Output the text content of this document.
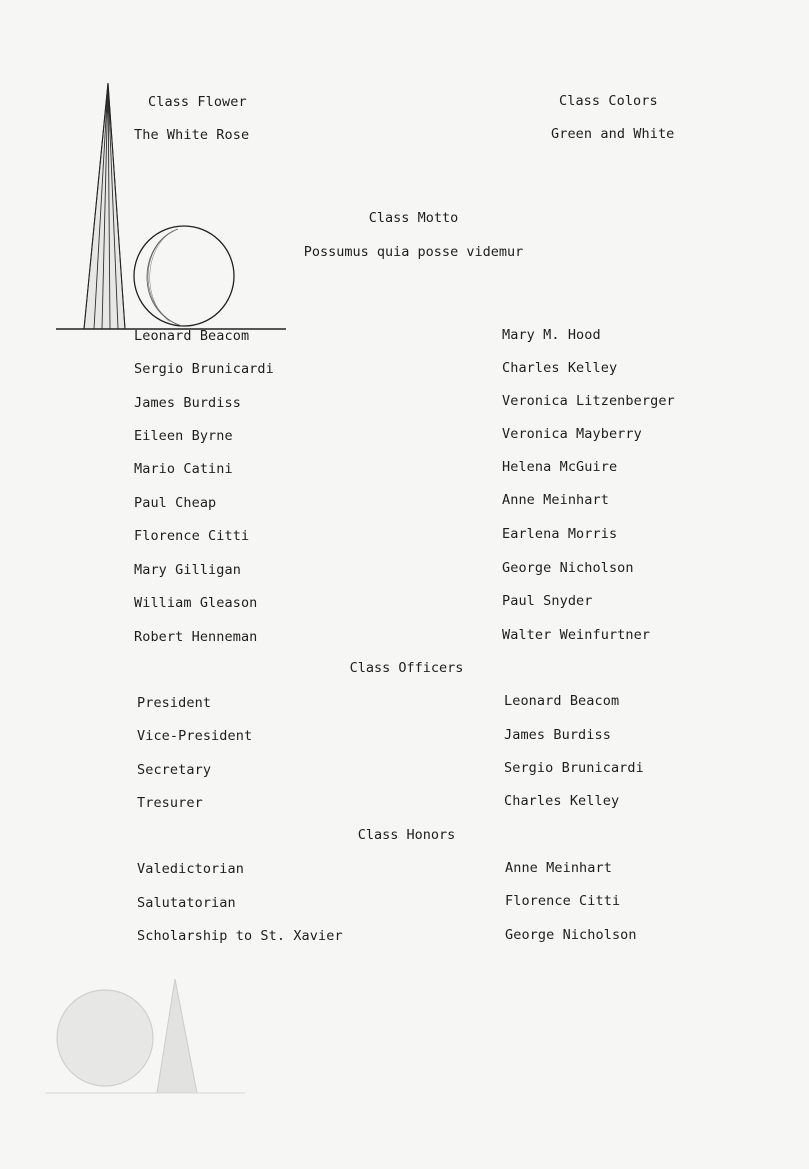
Class Flower
The White Rose
Class Colors
Green and White
Class Motto
Possumus quia posse videmur
Leonard Beacom
Sergio Brunicardi
James Burdiss
Eileen Byrne
Mario Catini
Paul Cheap
Florence Citti
Mary Gilligan
William Gleason
Robert Henneman
Mary M. Hood
Charles Kelley
Veronica Litzenberger
Veronica Mayberry
Helena McGuire
Anne Meinhart
Earlena Morris
George Nicholson
Paul Snyder
Walter Weinfurtner
Class Officers
President	Leonard Beacom
Vice-President	James Burdiss
Secretary	Sergio Brunicardi
Tresurer	Charles Kelley
Class Honors
Valedictorian	Anne Meinhart
Salutatorian	Florence Citti
Scholarship to St. Xavier	George Nicholson
